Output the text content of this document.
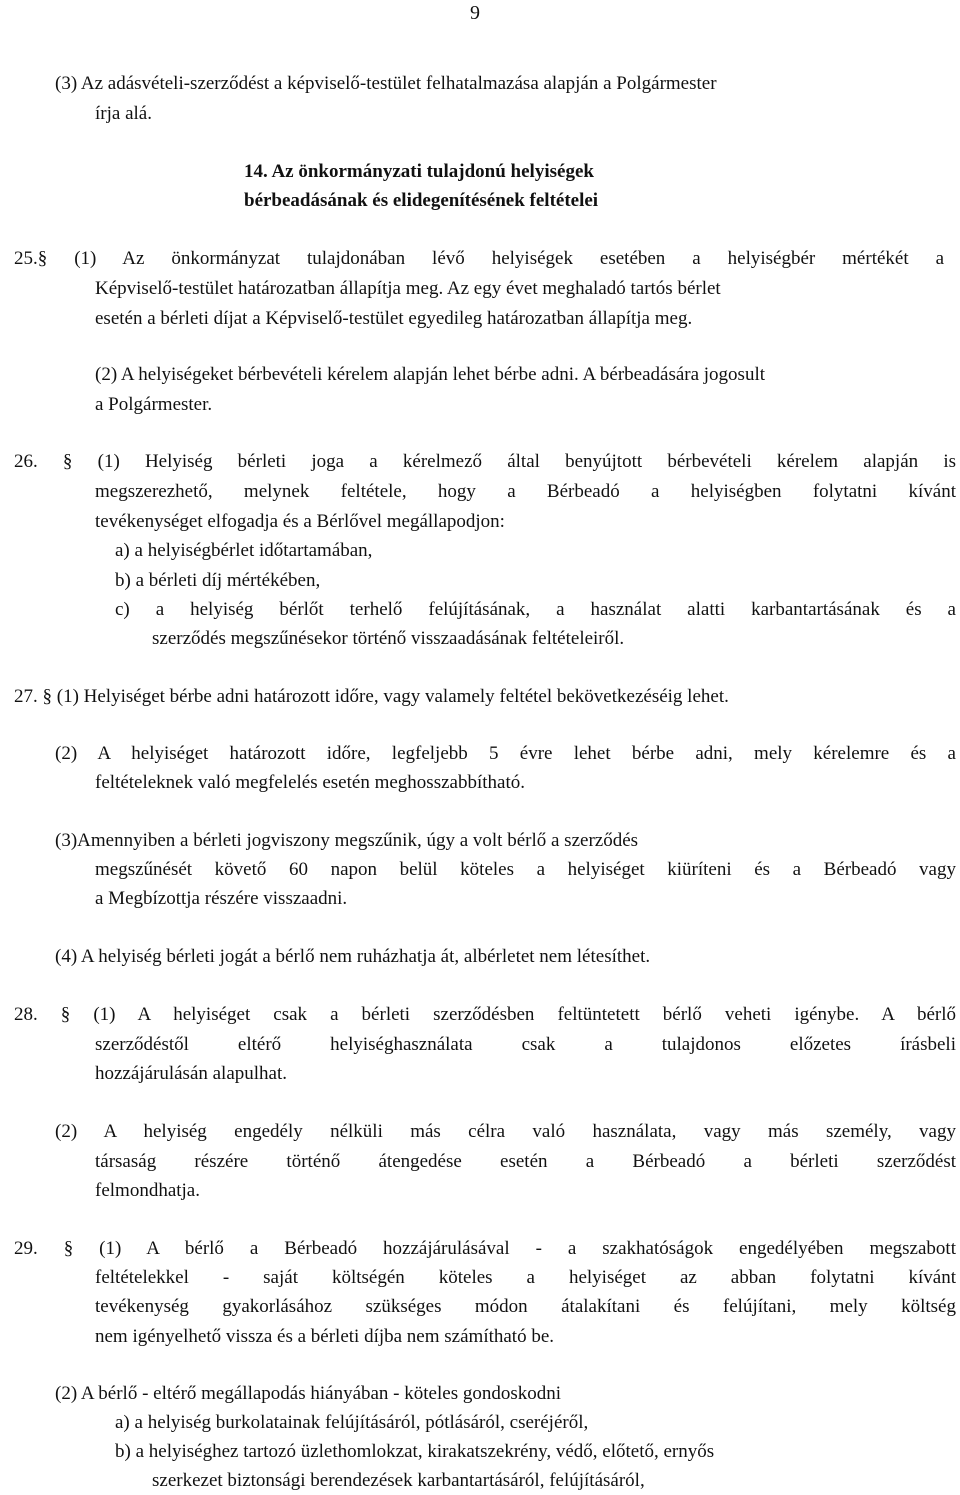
9
(3) Az adásvételi-szerződést a képviselő-testület felhatalmazása alapján a Polgármester
írja alá.
14. Az önkormányzati tulajdonú helyiségek
bérbeadásának és elidegenítésének feltételei
25.§ (1) Az önkormányzat tulajdonában lévő helyiségek esetében a helyiségbér mértékét a
Képviselő-testület határozatban állapítja meg. Az egy évet meghaladó tartós bérlet
esetén a bérleti díjat a Képviselő-testület egyedileg határozatban állapítja meg.
(2) A helyiségeket bérbevételi kérelem alapján lehet bérbe adni. A bérbeadására jogosult
a Polgármester.
26. § (1) Helyiség bérleti joga a kérelmező által benyújtott bérbevételi kérelem alapján is
megszerezhető, melynek feltétele, hogy a Bérbeadó a helyiségben folytatni kívánt
tevékenységet elfogadja és a Bérlővel megállapodjon:
a) a helyiségbérlet időtartamában,
b) a bérleti díj mértékében,
c) a helyiség bérlőt terhelő felújításának, a használat alatti karbantartásának és a
szerződés megszűnésekor történő visszaadásának feltételeiről.
27. § (1) Helyiséget bérbe adni határozott időre, vagy valamely feltétel bekövetkezéséig lehet.
(2) A helyiséget határozott időre, legfeljebb 5 évre lehet bérbe adni, mely kérelemre és a
feltételeknek való megfelelés esetén meghosszabbítható.
(3)Amennyiben a bérleti jogviszony megszűnik, úgy a volt bérlő a szerződés
megszűnését követő 60 napon belül köteles a helyiséget kiüríteni és a Bérbeadó vagy
a Megbízottja részére visszaadni.
(4) A helyiség bérleti jogát a bérlő nem ruházhatja át, albérletet nem létesíthet.
28. § (1) A helyiséget csak a bérleti szerződésben feltüntetett bérlő veheti igénybe. A bérlő
szerződéstől eltérő helyiséghasználata csak a tulajdonos előzetes írásbeli
hozzájárulásán alapulhat.
(2) A helyiség engedély nélküli más célra való használata, vagy más személy, vagy
társaság részére történő átengedése esetén a Bérbeadó a bérleti szerződést
felmondhatja.
29. § (1) A bérlő a Bérbeadó hozzájárulásával - a szakhatóságok engedélyében megszabott
feltételekkel - saját költségén köteles a helyiséget az abban folytatni kívánt
tevékenység gyakorlásához szükséges módon átalakítani és felújítani, mely költség
nem igényelhető vissza és a bérleti díjba nem számítható be.
(2) A bérlő - eltérő megállapodás hiányában - köteles gondoskodni
a) a helyiség burkolatainak felújításáról, pótlásáról, cseréjéről,
b) a helyiséghez tartozó üzlethomlokzat, kirakatszekrény, védő, előtető, ernyős
szerkezet biztonsági berendezések karbantartásáról, felújításáról,
